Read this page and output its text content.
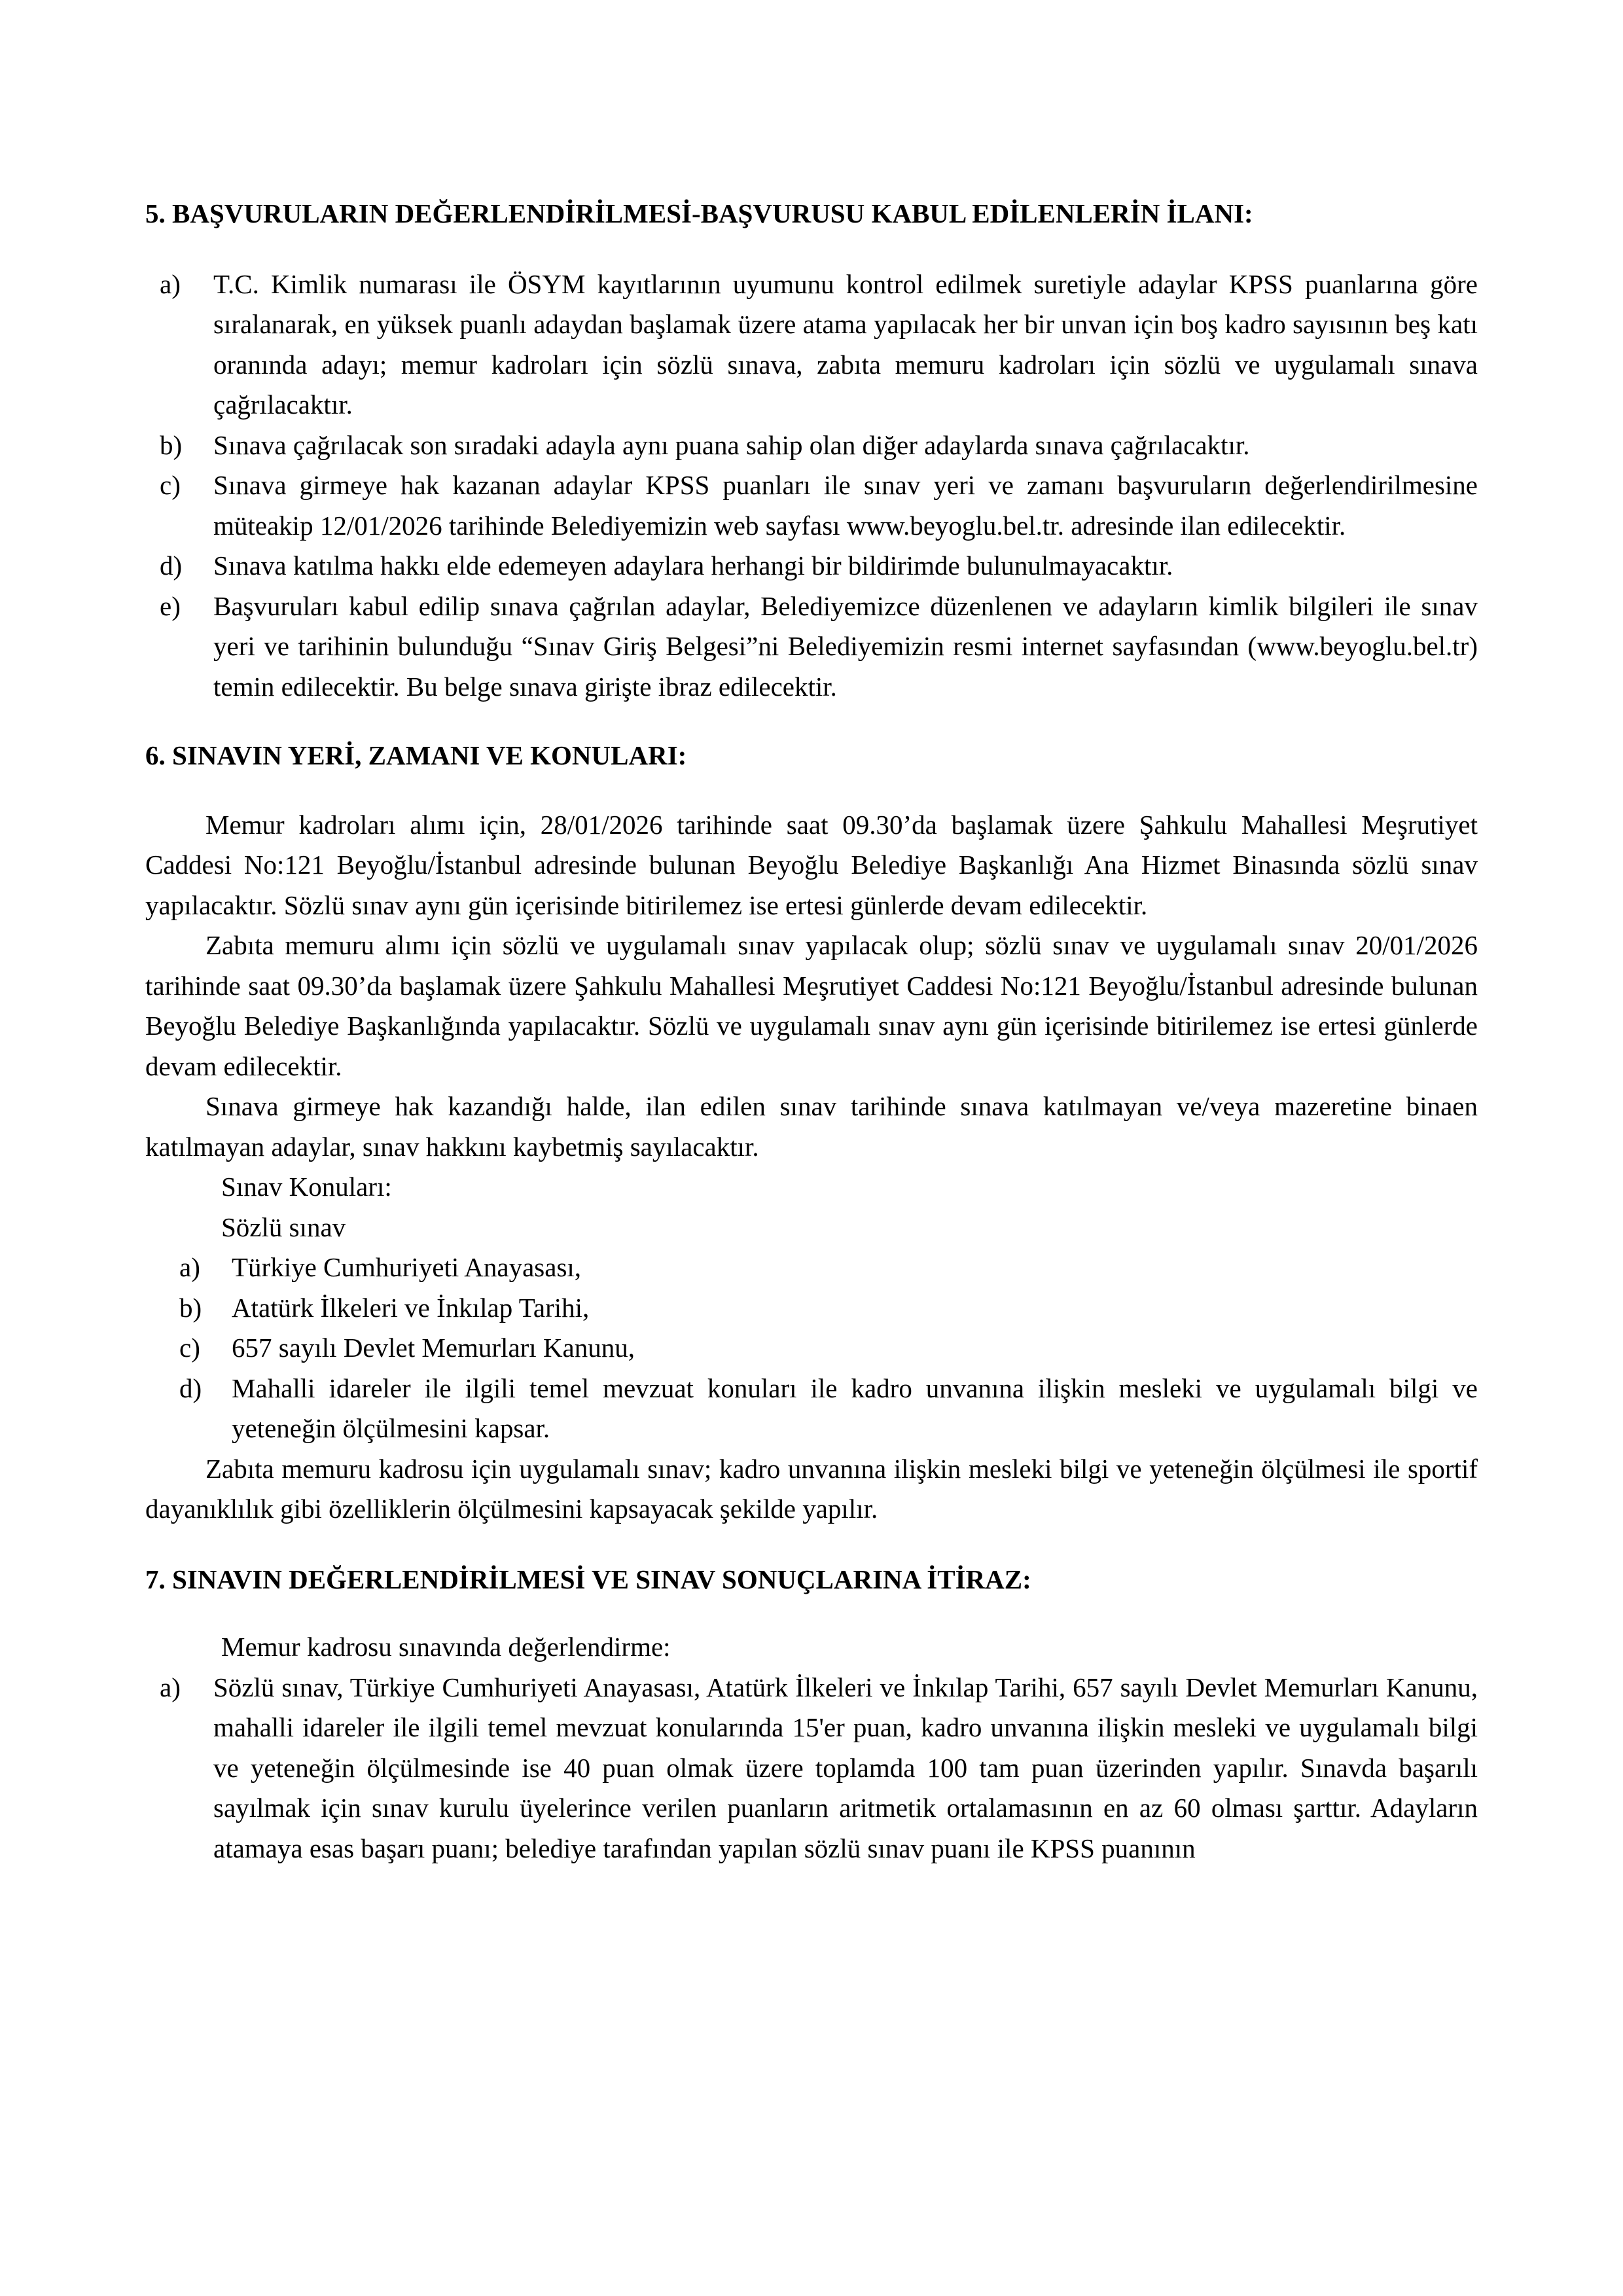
5. BAŞVURULARIN DEĞERLENDİRİLMESİ-BAŞVURUSU KABUL EDİLENLERİN İLANI:
a)	T.C. Kimlik numarası ile ÖSYM kayıtlarının uyumunu kontrol edilmek suretiyle adaylar KPSS puanlarına göre sıralanarak, en yüksek puanlı adaydan başlamak üzere atama yapılacak her bir unvan için boş kadro sayısının beş katı oranında adayı; memur kadroları için sözlü sınava, zabıta memuru kadroları için sözlü ve uygulamalı sınava çağrılacaktır.
b)	Sınava çağrılacak son sıradaki adayla aynı puana sahip olan diğer adaylarda sınava çağrılacaktır.
c)	Sınava girmeye hak kazanan adaylar KPSS puanları ile sınav yeri ve zamanı başvuruların değerlendirilmesine müteakip 12/01/2026 tarihinde Belediyemizin web sayfası www.beyoglu.bel.tr. adresinde ilan edilecektir.
d)	Sınava katılma hakkı elde edemeyen adaylara herhangi bir bildirimde bulunulmayacaktır.
e)	Başvuruları kabul edilip sınava çağrılan adaylar, Belediyemizce düzenlenen ve adayların kimlik bilgileri ile sınav yeri ve tarihinin bulunduğu “Sınav Giriş Belgesi”ni Belediyemizin resmi internet sayfasından (www.beyoglu.bel.tr) temin edilecektir. Bu belge sınava girişte ibraz edilecektir.
6. SINAVIN YERİ, ZAMANI VE KONULARI:

Memur kadroları alımı için, 28/01/2026 tarihinde saat 09.30’da başlamak üzere Şahkulu Mahallesi Meşrutiyet Caddesi No:121 Beyoğlu/İstanbul adresinde bulunan Beyoğlu Belediye Başkanlığı Ana Hizmet Binasında sözlü sınav yapılacaktır. Sözlü sınav aynı gün içerisinde bitirilemez ise ertesi günlerde devam edilecektir.

Zabıta memuru alımı için sözlü ve uygulamalı sınav yapılacak olup; sözlü sınav ve uygulamalı sınav 20/01/2026 tarihinde saat 09.30’da başlamak üzere Şahkulu Mahallesi Meşrutiyet Caddesi No:121 Beyoğlu/İstanbul adresinde bulunan Beyoğlu Belediye Başkanlığında yapılacaktır. Sözlü ve uygulamalı sınav aynı gün içerisinde bitirilemez ise ertesi günlerde devam edilecektir.

Sınava girmeye hak kazandığı halde, ilan edilen sınav tarihinde sınava katılmayan ve/veya mazeretine binaen katılmayan adaylar, sınav hakkını kaybetmiş sayılacaktır.

Sınav Konuları:

Sözlü sınav

a)	Türkiye Cumhuriyeti Anayasası,
b)	Atatürk İlkeleri ve İnkılap Tarihi,
c)	657 sayılı Devlet Memurları Kanunu,
d)	Mahalli idareler ile ilgili temel mevzuat konuları ile kadro unvanına ilişkin mesleki ve uygulamalı bilgi ve yeteneğin ölçülmesini kapsar.

Zabıta memuru kadrosu için uygulamalı sınav; kadro unvanına ilişkin mesleki bilgi ve yeteneğin ölçülmesi ile sportif dayanıklılık gibi özelliklerin ölçülmesini kapsayacak şekilde yapılır.

7. SINAVIN DEĞERLENDİRİLMESİ VE SINAV SONUÇLARINA İTİRAZ:

Memur kadrosu sınavında değerlendirme:

a)	Sözlü sınav, Türkiye Cumhuriyeti Anayasası, Atatürk İlkeleri ve İnkılap Tarihi, 657 sayılı Devlet Memurları Kanunu, mahalli idareler ile ilgili temel mevzuat konularında 15'er puan, kadro unvanına ilişkin mesleki ve uygulamalı bilgi ve yeteneğin ölçülmesinde ise 40 puan olmak üzere toplamda 100 tam puan üzerinden yapılır. Sınavda başarılı sayılmak için sınav kurulu üyelerince verilen puanların aritmetik ortalamasının en az 60 olması şarttır. Adayların atamaya esas başarı puanı; belediye tarafından yapılan sözlü sınav puanı ile KPSS puanının
